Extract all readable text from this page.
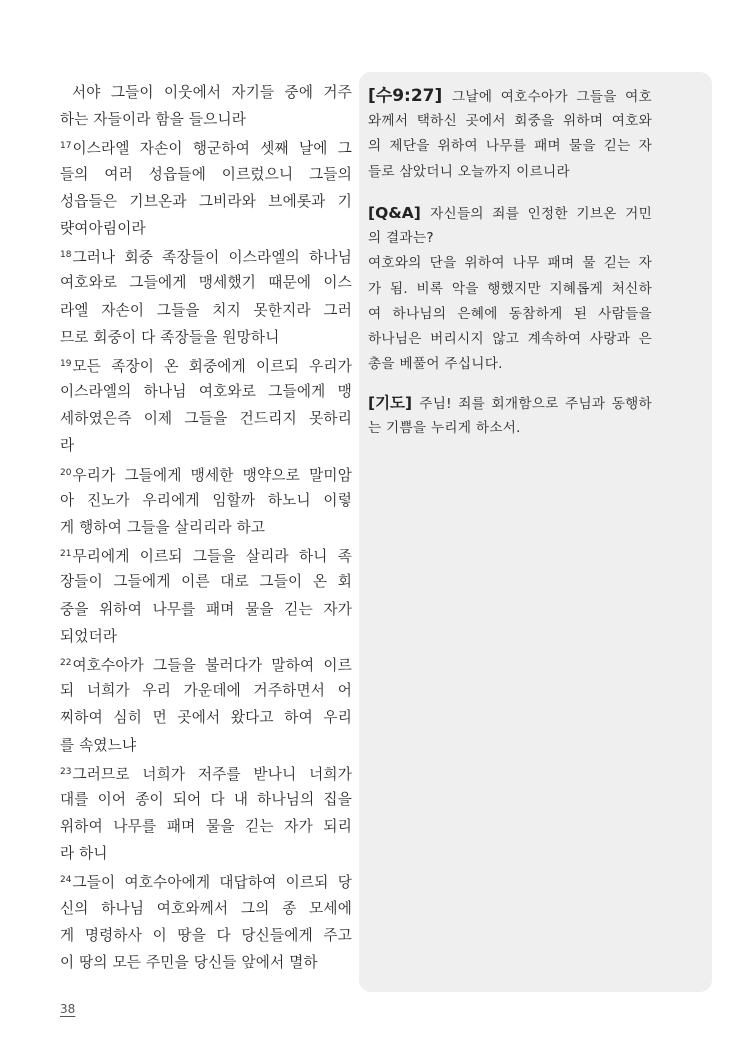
서야 그들이 이웃에서 자기들 중에 거주
하는 자들이라 함을 들으니라
$^{17}$이스라엘 자손이 행군하여 셋째 날에 그
들의 여러 성읍들에 이르렀으니 그들의
성읍들은 기브온과 그비라와 브에롯과 기
럇여아림이라
$^{18}$그러나 회중 족장들이 이스라엘의 하나님
여호와로 그들에게 맹세했기 때문에 이스
라엘 자손이 그들을 치지 못한지라 그러
므로 회중이 다 족장들을 원망하니
$^{19}$모든 족장이 온 회중에게 이르되 우리가
이스라엘의 하나님 여호와로 그들에게 맹
세하였은즉 이제 그들을 건드리지 못하리
라
$^{20}$우리가 그들에게 맹세한 맹약으로 말미암
아 진노가 우리에게 임할까 하노니 이렇
게 행하여 그들을 살리리라 하고
$^{21}$무리에게 이르되 그들을 살리라 하니 족
장들이 그들에게 이른 대로 그들이 온 회
중을 위하여 나무를 패며 물을 긷는 자가
되었더라
$^{22}$여호수아가 그들을 불러다가 말하여 이르
되 너희가 우리 가운데에 거주하면서 어
찌하여 심히 먼 곳에서 왔다고 하여 우리
를 속였느냐
$^{23}$그러므로 너희가 저주를 받나니 너희가
대를 이어 종이 되어 다 내 하나님의 집을
위하여 나무를 패며 물을 긷는 자가 되리
라 하니
$^{24}$그들이 여호수아에게 대답하여 이르되 당
신의 하나님 여호와께서 그의 종 모세에
게 명령하사 이 땅을 다 당신들에게 주고
이 땅의 모든 주민을 당신들 앞에서 멸하
[수9:27] 그날에 여호수아가 그들을 여호
와께서 택하신 곳에서 회중을 위하며 여호와
의 제단을 위하여 나무를 패며 물을 긷는 자
들로 삼았더니 오늘까지 이르니라
[Q&A] 자신들의 죄를 인정한 기브온 거민
의 결과는?
여호와의 단을 위하여 나무 패며 물 긷는 자
가 됨. 비록 악을 행했지만 지혜롭게 처신하
여 하나님의 은혜에 동참하게 된 사람들을
하나님은 버리시지 않고 계속하여 사랑과 은
총을 베풀어 주십니다.
[기도] 주님! 죄를 회개함으로 주님과 동행하
는 기쁨을 누리게 하소서.
38
